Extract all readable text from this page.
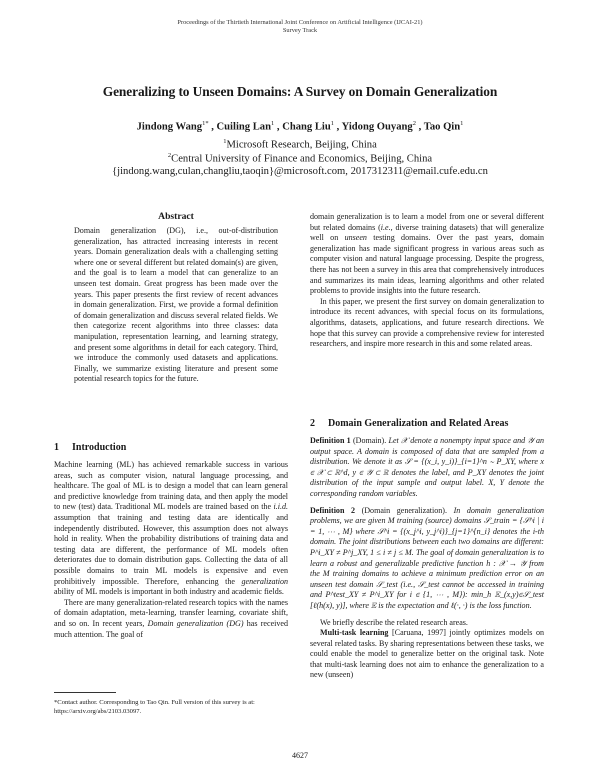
Proceedings of the Thirtieth International Joint Conference on Artificial Intelligence (IJCAI-21)
Survey Track
Generalizing to Unseen Domains: A Survey on Domain Generalization
Jindong Wang$^{1*}$ , Cuiling Lan$^1$ , Chang Liu$^1$ , Yidong Ouyang$^2$ , Tao Qin$^1$
$^1$Microsoft Research, Beijing, China
$^2$Central University of Finance and Economics, Beijing, China
{jindong.wang,culan,changliu,taoqin}@microsoft.com, 2017312311@email.cufe.edu.cn
Abstract
Domain generalization (DG), i.e., out-of-distribution generalization, has attracted increasing interests in recent years. Domain generalization deals with a challenging setting where one or several different but related domain(s) are given, and the goal is to learn a model that can generalize to an unseen test domain. Great progress has been made over the years. This paper presents the first review of recent advances in domain generalization. First, we provide a formal definition of domain generalization and discuss several related fields. We then categorize recent algorithms into three classes: data manipulation, representation learning, and learning strategy, and present some algorithms in detail for each category. Third, we introduce the commonly used datasets and applications. Finally, we summarize existing literature and present some potential research topics for the future.
1 Introduction

Machine learning (ML) has achieved remarkable success in various areas, such as computer vision, natural language processing, and healthcare. The goal of ML is to design a model that can learn general and predictive knowledge from training data, and then apply the model to new (test) data. Traditional ML models are trained based on the i.i.d. assumption that training and testing data are identically and independently distributed. However, this assumption does not always hold in reality. When the probability distributions of training data and testing data are different, the performance of ML models often deteriorates due to domain distribution gaps. Collecting the data of all possible domains to train ML models is expensive and even prohibitively impossible. Therefore, enhancing the generalization ability of ML models is important in both industry and academic fields.

There are many generalization-related research topics with the names of domain adaptation, meta-learning, transfer learning, covariate shift, and so on. In recent years, Domain generalization (DG) has received much attention. The goal of

*Contact author. Corresponding to Tao Qin. Full version of this survey is at: https://arxiv.org/abs/2103.03097.

domain generalization is to learn a model from one or several different but related domains (i.e., diverse training datasets) that will generalize well on unseen testing domains. Over the past years, domain generalization has made significant progress in various areas such as computer vision and natural language processing. Despite the progress, there has not been a survey in this area that comprehensively introduces and summarizes its main ideas, learning algorithms and other related problems to provide insights into the future research.

In this paper, we present the first survey on domain generalization to introduce its recent advances, with special focus on its formulations, algorithms, datasets, applications, and future research directions. We hope that this survey can provide a comprehensive review for interested researchers, and inspire more research in this and some related areas.

2 Domain Generalization and Related Areas

Definition 1 (Domain). Let 𝒳 denote a nonempty input space and 𝒴 an output space. A domain is composed of data that are sampled from a distribution. We denote it as 𝒮 = {(x_i, y_i)}_{i=1}^n ∼ P_XY, where x ∈ 𝒳 ⊂ ℝ^d, y ∈ 𝒴 ⊂ ℝ denotes the label, and P_XY denotes the joint distribution of the input sample and output label. X, Y denote the corresponding random variables.

Definition 2 (Domain generalization). In domain generalization problems, we are given M training (source) domains 𝒮_train = {𝒮^i | i = 1, ⋯ , M} where 𝒮^i = {(x_j^i, y_j^i)}_{j=1}^{n_i} denotes the i-th domain. The joint distributions between each two domains are different: P^i_XY ≠ P^j_XY, 1 ≤ i ≠ j ≤ M. The goal of domain generalization is to learn a robust and generalizable predictive function h : 𝒳 → 𝒴 from the M training domains to achieve a minimum prediction error on an unseen test domain 𝒮_test (i.e., 𝒮_test cannot be accessed in training and P^test_XY ≠ P^i_XY for i ∈ {1, ⋯ , M}): min_h 𝔼_(x,y)∈𝒮_test [ℓ(h(x), y)], where 𝔼 is the expectation and ℓ(·, ·) is the loss function.

We briefly describe the related research areas.

Multi-task learning [Caruana, 1997] jointly optimizes models on several related tasks. By sharing representations between these tasks, we could enable the model to generalize better on the original task. Note that multi-task learning does not aim to enhance the generalization to a new (unseen)

4627
